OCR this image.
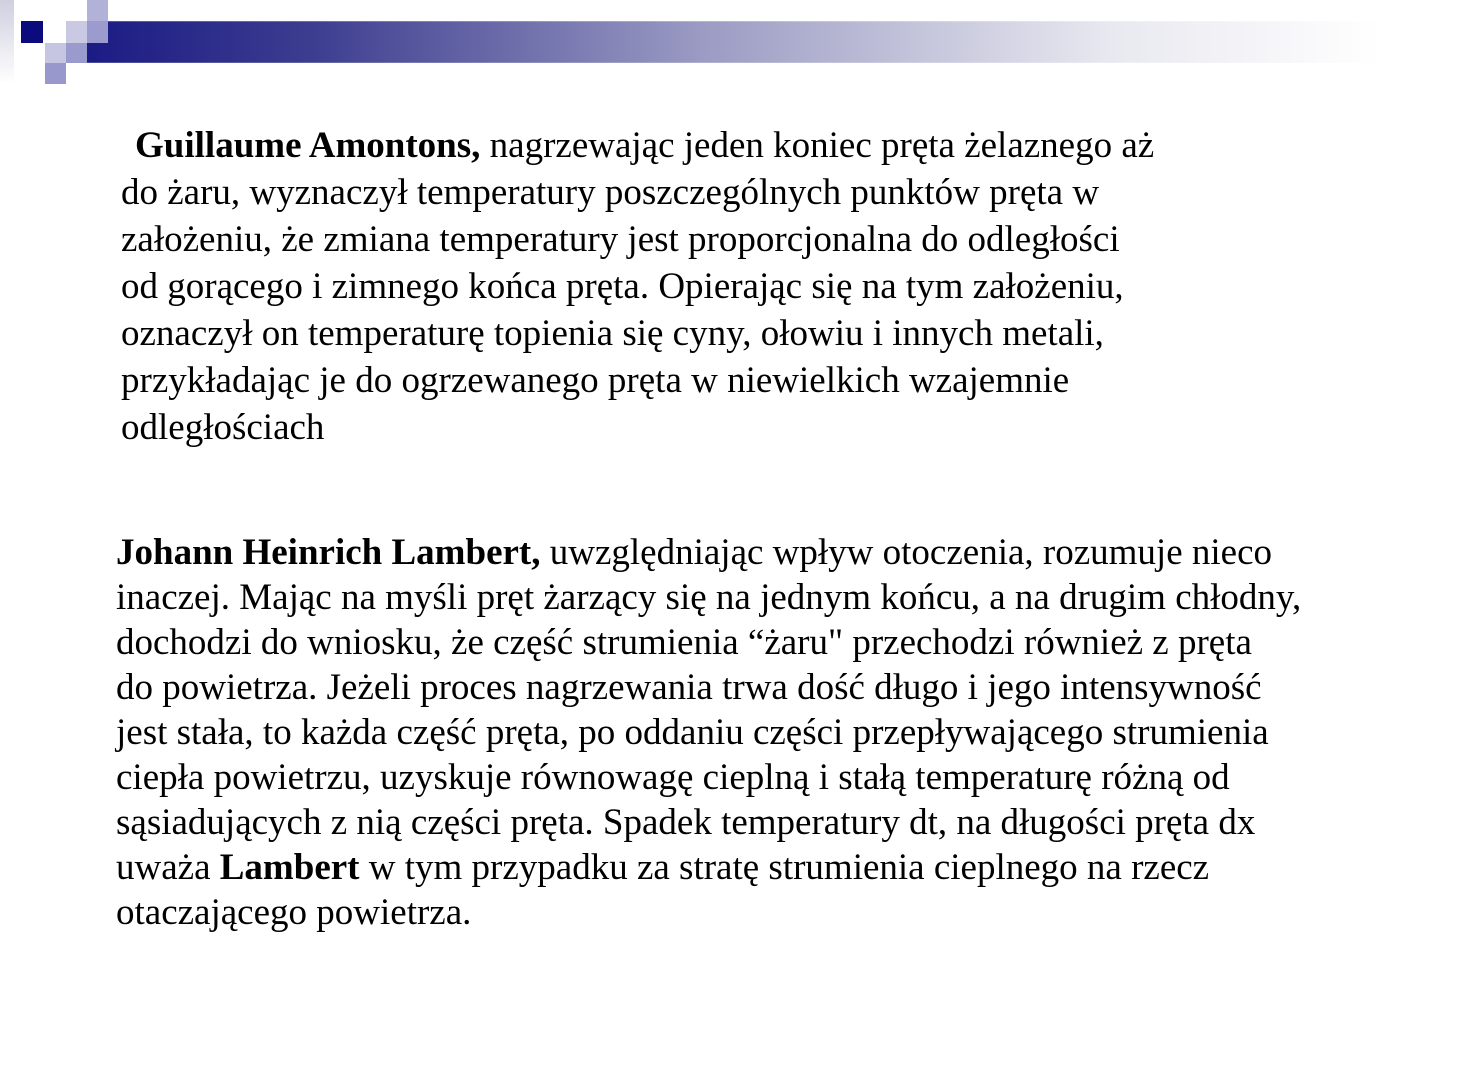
Guillaume Amontons, nagrzewając jeden koniec pręta żelaznego aż
do żaru, wyznaczył temperatury poszczególnych punktów pręta w
założeniu, że zmiana temperatury jest proporcjonalna do odległości
od gorącego i zimnego końca pręta. Opierając się na tym założeniu,
oznaczył on temperaturę topienia się cyny, ołowiu i innych metali,
przykładając je do ogrzewanego pręta w niewielkich wzajemnie
odległościach
Johann Heinrich Lambert, uwzględniając wpływ otoczenia, rozumuje nieco
inaczej. Mając na myśli pręt żarzący się na jednym końcu, a na drugim chłodny,
dochodzi do wniosku, że część strumienia “żaru" przechodzi również z pręta
do powietrza. Jeżeli proces nagrzewania trwa dość długo i jego intensywność
jest stała, to każda część pręta, po oddaniu części przepływającego strumienia
ciepła powietrzu, uzyskuje równowagę cieplną i stałą temperaturę różną od
sąsiadujących z nią części pręta. Spadek temperatury dt, na długości pręta dx
uważa Lambert w tym przypadku za stratę strumienia cieplnego na rzecz
otaczającego powietrza.
